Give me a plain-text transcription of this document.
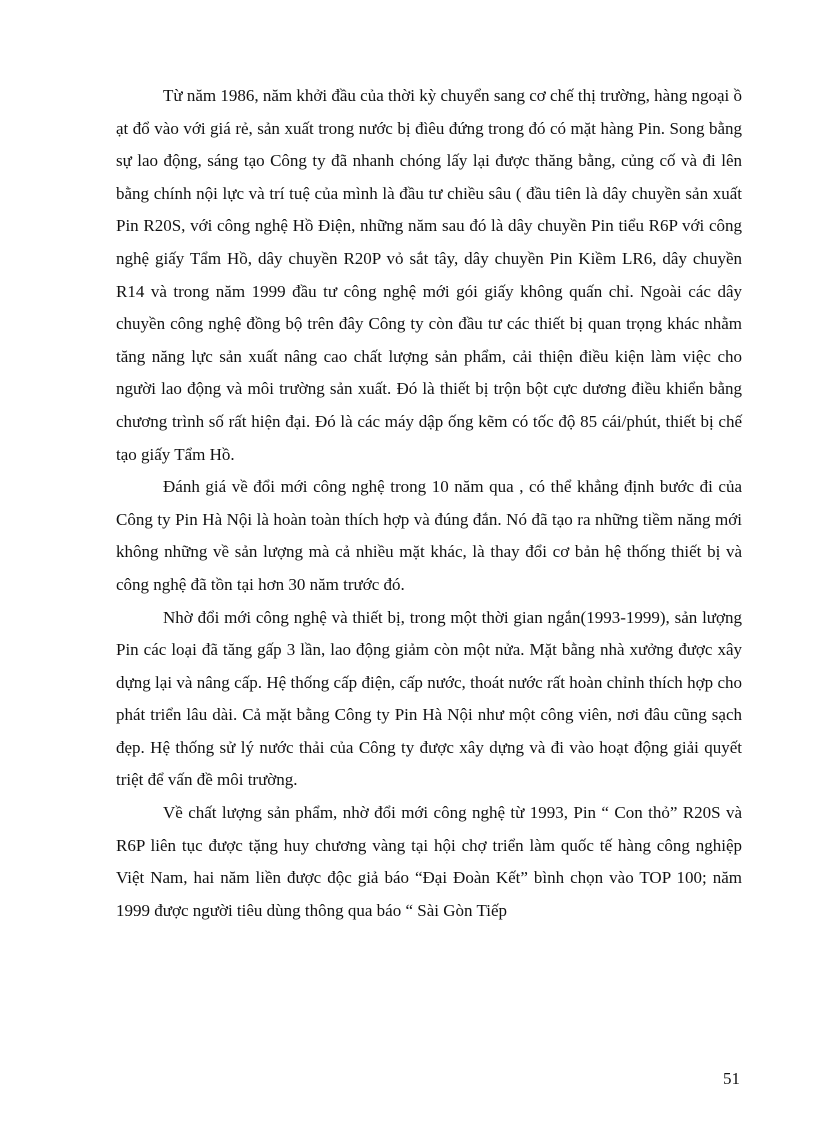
Từ năm 1986, năm khởi đầu của thời kỳ chuyển sang cơ chế thị trường, hàng ngoại ồ ạt đổ vào với giá rẻ, sản xuất trong nước bị đìêu đứng trong đó có mặt hàng Pin. Song bằng sự lao động, sáng tạo Công ty đã nhanh chóng lấy lại được thăng bằng, củng cố và đi lên bằng chính nội lực và trí tuệ của mình là đầu tư chiều sâu ( đầu tiên là dây chuyền sản xuất Pin R20S, với công nghệ Hồ Điện, những năm sau đó là dây chuyền Pin tiểu R6P với công nghệ giấy Tẩm Hồ, dây chuyền R20P vỏ sắt tây, dây chuyền Pin Kiềm LR6, dây chuyền R14 và trong năm 1999 đầu tư công nghệ mới gói giấy không quấn chỉ. Ngoài các dây chuyền công nghệ đồng bộ trên đây Công ty còn đầu tư các thiết bị quan trọng khác nhằm tăng năng lực sản xuất nâng cao chất lượng sản phẩm, cải thiện điều kiện làm việc cho người lao động và môi trường sản xuất. Đó là thiết bị trộn bột cực dương điều khiển bằng chương trình số rất hiện đại. Đó là các máy dập ống kẽm có tốc độ 85 cái/phút, thiết bị chế tạo giấy Tẩm Hồ.

Đánh giá về đổi mới công nghệ trong 10 năm qua , có thể khẳng định bước đi của Công ty Pin Hà Nội là hoàn toàn thích hợp và đúng đắn. Nó đã tạo ra những tiềm năng mới không những về sản lượng mà cả nhiều mặt khác, là thay đổi cơ bản hệ thống thiết bị và công nghệ đã tồn tại hơn 30 năm trước đó.

Nhờ đổi mới công nghệ và thiết bị, trong một thời gian ngắn(1993-1999), sản lượng Pin các loại đã tăng gấp 3 lần, lao động giảm còn một nửa. Mặt bằng nhà xưởng được xây dựng lại và nâng cấp. Hệ thống cấp điện, cấp nước, thoát nước rất hoàn chỉnh thích hợp cho phát triển lâu dài. Cả mặt bằng Công ty Pin Hà Nội như một công viên, nơi đâu cũng sạch đẹp. Hệ thống sử lý nước thải của Công ty được xây dựng và đi vào hoạt động giải quyết triệt để vấn đề môi trường.

Về chất lượng sản phẩm, nhờ đổi mới công nghệ từ 1993, Pin “ Con thỏ” R20S và R6P liên tục được tặng huy chương vàng tại hội chợ triển làm quốc tế hàng công nghiệp Việt Nam, hai năm liền được độc giả báo “Đại Đoàn Kết” bình chọn vào TOP 100; năm 1999 được người tiêu dùng thông qua báo “ Sài Gòn Tiếp

51
